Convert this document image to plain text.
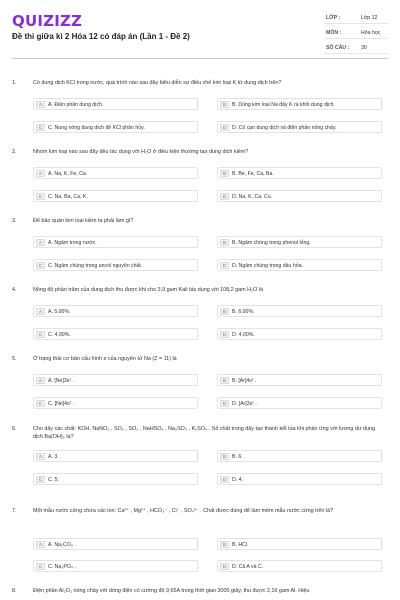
QUIZIZZ
Đề thi giữa kì 2 Hóa 12 có đáp án (Lần 1 - Đề 2)
LỚP :	Lớp 12
MÔN :	Hóa học
SỐ CÂU : 30
1.	Có dung dịch KCl trong nước, quá trình nào sau đây biểu diễn sự điều chế kim loại K từ dung dịch trên?
A	A. Điện phân dung dịch.	B	B. Dùng kim loại Na đẩy K ra khỏi dung dịch.
C	C. Nung nóng dung dịch để KCl phân hủy.	D	D. Cô cạn dung dịch và điện phân nóng chảy.
2.	Nhóm kim loại nào sau đây đều tác dụng với H₂O ở điều kiện thường tạo dung dịch kiềm?
A	A. Na, K, Fe, Ca.	B	B. Be, Fe, Ca, Ba.
C	C. Na, Ba, Ca, K.	D	D. Na, K, Ca, Cu.
3.	Để bảo quản kim loại kiềm ta phải làm gì?
A	A. Ngâm trong nước.	B	B. Ngâm chúng trong phenol lỏng.
C	C. Ngâm chúng trong ancol nguyên chất.	D	D. Ngâm chúng trong dầu hỏa.
4.	Nồng độ phần trăm của dung dịch thu được khi cho 3,9 gam Kali tác dụng với 108,2 gam H₂O là
A	A. 5,00%.	B	B. 6,00%.
C	C. 4,99%.	D	D. 4,00%.
5.	Ở trạng thái cơ bản cấu hình e của nguyên tử Na (Z = 11) là
A	A. [Ne]3s¹ .	B	B. [Ar]4s¹ .
C	C. [Ne]4s¹ .	D	D. [Ar]3s¹ .
6.	Cho dãy các chất: KOH, NaNO₃ , SO₂ , SO₃ , NaHSO₄ , Na₂SO₃ , K₂SO₄ . Số chất trong dãy tạo thành kết tủa khi phản ứng với lượng dư dung dịch Ba(OH)₂ là?
A	A. 3.	B	B. 6.
C	C. 5.	D	D. 4.
7.	Một mẫu nước cứng chứa các ion: Ca²⁺ , Mg²⁺ , HCO₃⁻ , Cl⁻ , SO₄²⁻ . Chất được dùng để làm mềm mẫu nước cứng trên là?
A	A. Na₂CO₃ .	B	B. HCl.
C	C. Na₃PO₄ .	D	D. Cả A và C.
8.	Điện phân Al₂O₃ nóng chảy với dòng điện có cường độ 9,65A trong thời gian 3000 giây, thu được 2,16 gam Al. Hiệu
